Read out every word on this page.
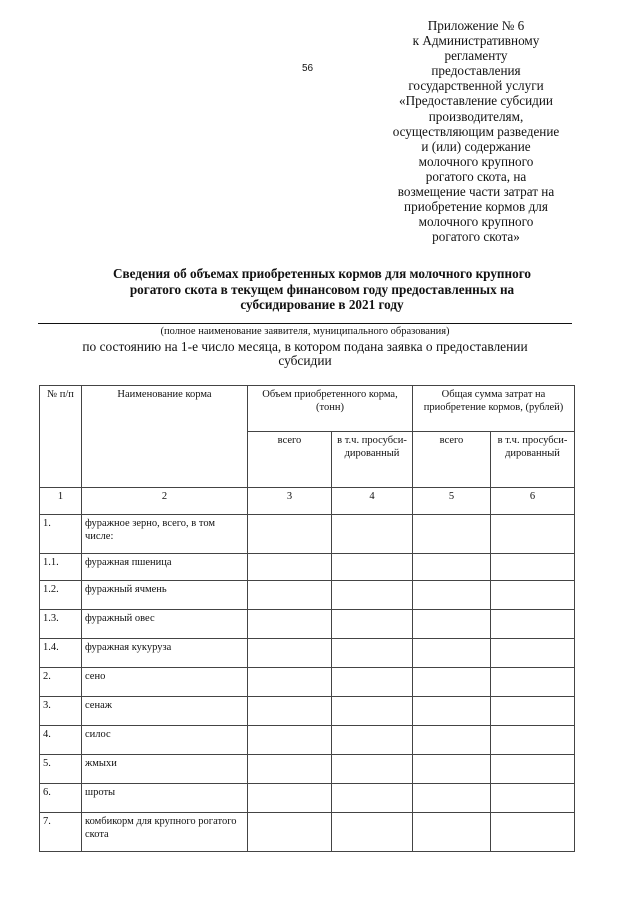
56
Приложение № 6
к Административному
регламенту
предоставления
государственной услуги
«Предоставление субсидии
производителям,
осуществляющим разведение
и (или) содержание
молочного крупного
рогатого скота, на
возмещение части затрат на
приобретение кормов для
молочного крупного
рогатого скота»
Сведения об объемах приобретенных кормов для молочного крупного
рогатого скота в текущем финансовом году предоставленных на
субсидирование в 2021 году
(полное наименование заявителя, муниципального образования)
по состоянию на 1-е число месяца, в котором подана заявка о предоставлении
субсидии
№ п/п	Наименование корма	Объем приобретенного корма, (тонн)		Общая сумма затрат на приобретение кормов, (рублей)	
		всего	в т.ч. просубси- дированный	всего	в т.ч. просубси- дированный
1	2	3	4	5	6
1.	фуражное зерно, всего, в том числе:				
1.1.	фуражная пшеница				
1.2.	фуражный ячмень				
1.3.	фуражный овес				
1.4.	фуражная кукуруза				
2.	сено				
3.	сенаж				
4.	силос				
5.	жмыхи				
6.	шроты				
7.	комбикорм для крупного рогатого скота				
